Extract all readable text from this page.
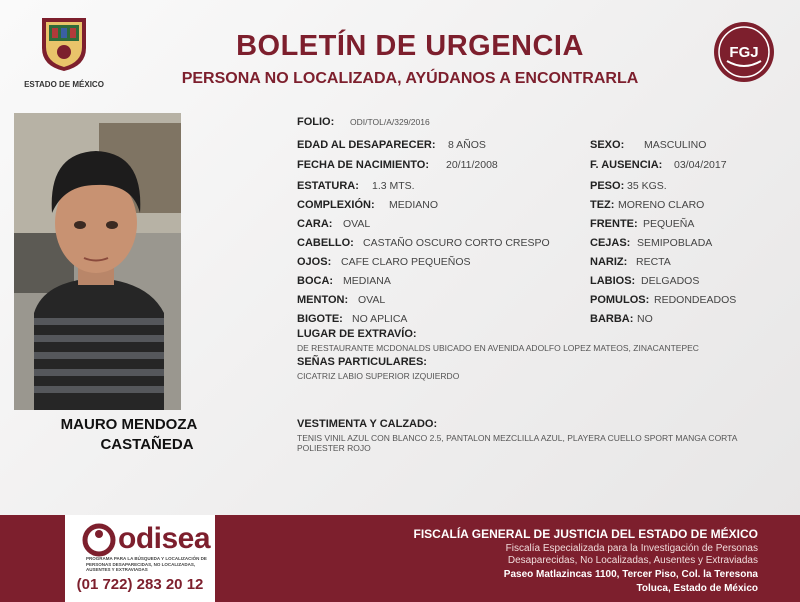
ESTADO DE MÉXICO
BOLETÍN DE URGENCIA
PERSONA NO LOCALIZADA, AYÚDANOS A ENCONTRARLA
FGJ
MAURO MENDOZA
CASTAÑEDA
FOLIO: ODI/TOL/A/329/2016
EDAD AL DESAPARECER: 8 AÑOS	SEXO: MASCULINO
FECHA DE NACIMIENTO: 20/11/2008	F. AUSENCIA: 03/04/2017
ESTATURA: 1.3 MTS.	PESO: 35 KGS.
COMPLEXIÓN: MEDIANO	TEZ: MORENO CLARO
CARA: OVAL	FRENTE: PEQUEÑA
CABELLO: CASTAÑO OSCURO CORTO CRESPO	CEJAS: SEMIPOBLADA
OJOS: CAFE CLARO PEQUEÑOS	NARIZ: RECTA
BOCA: MEDIANA	LABIOS: DELGADOS
MENTON: OVAL	POMULOS: REDONDEADOS
BIGOTE: NO APLICA	BARBA: NO
LUGAR DE EXTRAVÍO:
DE RESTAURANTE MCDONALDS UBICADO EN AVENIDA ADOLFO LOPEZ MATEOS, ZINACANTEPEC
SEÑAS PARTICULARES:
CICATRIZ LABIO SUPERIOR IZQUIERDO
VESTIMENTA Y CALZADO:
TENIS VINIL AZUL CON BLANCO 2.5, PANTALON MEZCLILLA AZUL, PLAYERA CUELLO SPORT MANGA CORTA POLIESTER ROJO
odisea
PROGRAMA PARA LA BÚSQUEDA Y LOCALIZACIÓN DE PERSONAS DESAPARECIDAS, NO LOCALIZADAS, AUSENTES Y EXTRAVIADAS
(01 722) 283 20 12
FISCALÍA GENERAL DE JUSTICIA DEL ESTADO DE MÉXICO
Fiscalía Especializada para la Investigación de Personas
Desaparecidas, No Localizadas, Ausentes y Extraviadas
Paseo Matlazincas 1100, Tercer Piso, Col. la Teresona
Toluca, Estado de México
